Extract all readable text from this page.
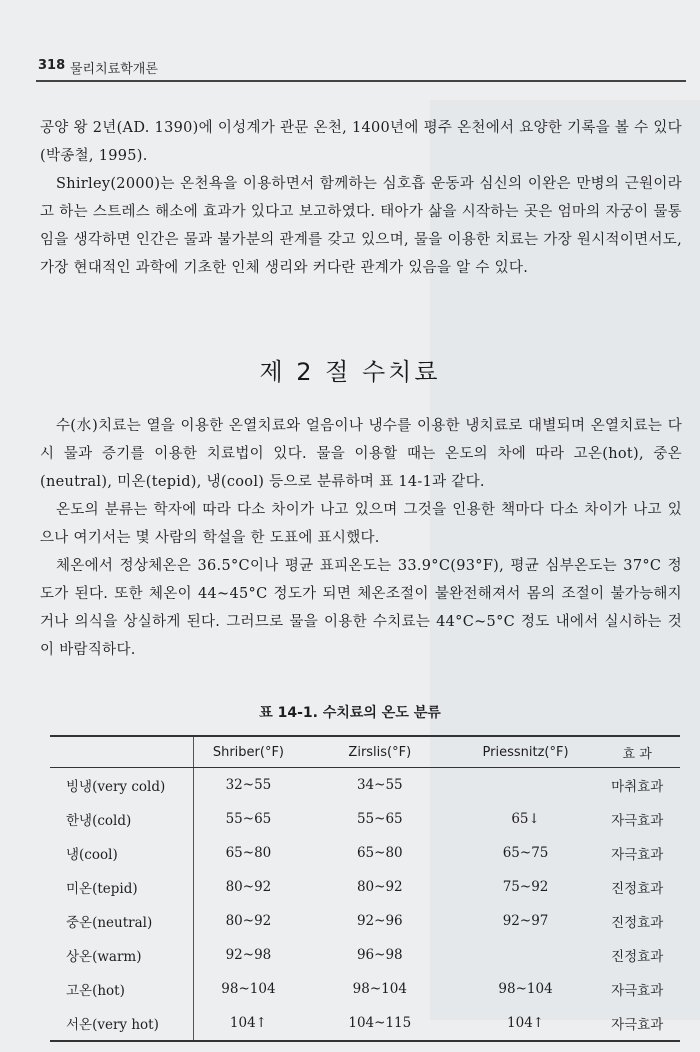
318 물리치료학개론

공양 왕 2년(AD. 1390)에 이성계가 관문 온천, 1400년에 평주 온천에서 요양한 기록을 볼 수 있다(박종철, 1995).

Shirley(2000)는 온천욕을 이용하면서 함께하는 심호흡 운동과 심신의 이완은 만병의 근원이라고 하는 스트레스 해소에 효과가 있다고 보고하였다. 태아가 삶을 시작하는 곳은 엄마의 자궁이 물통임을 생각하면 인간은 물과 불가분의 관계를 갖고 있으며, 물을 이용한 치료는 가장 원시적이면서도, 가장 현대적인 과학에 기초한 인체 생리와 커다란 관계가 있음을 알 수 있다.

제 2 절 수치료

수(水)치료는 열을 이용한 온열치료와 얼음이나 냉수를 이용한 냉치료로 대별되며 온열치료는 다시 물과 증기를 이용한 치료법이 있다. 물을 이용할 때는 온도의 차에 따라 고온(hot), 중온(neutral), 미온(tepid), 냉(cool) 등으로 분류하며 표 14-1과 같다.

온도의 분류는 학자에 따라 다소 차이가 나고 있으며 그것을 인용한 책마다 다소 차이가 나고 있으나 여기서는 몇 사람의 학설을 한 도표에 표시했다.

체온에서 정상체온은 36.5°C이나 평균 표피온도는 33.9°C(93°F), 평균 심부온도는 37°C 정도가 된다. 또한 체온이 44~45°C 정도가 되면 체온조절이 불완전해져서 몸의 조절이 불가능해지거나 의식을 상실하게 된다. 그러므로 물을 이용한 수치료는 44°C~5°C 정도 내에서 실시하는 것이 바람직하다.

표 14-1. 수치료의 온도 분류
	Shriber(°F)	Zirslis(°F)	Priessnitz(°F)	효 과
빙냉(very cold)	32~55	34~55		마취효과
한냉(cold)	55~65	55~65	65↓	자극효과
냉(cool)	65~80	65~80	65~75	자극효과
미온(tepid)	80~92	80~92	75~92	진정효과
중온(neutral)	80~92	92~96	92~97	진정효과
상온(warm)	92~98	96~98		진정효과
고온(hot)	98~104	98~104	98~104	자극효과
서온(very hot)	104↑	104~115	104↑	자극효과
